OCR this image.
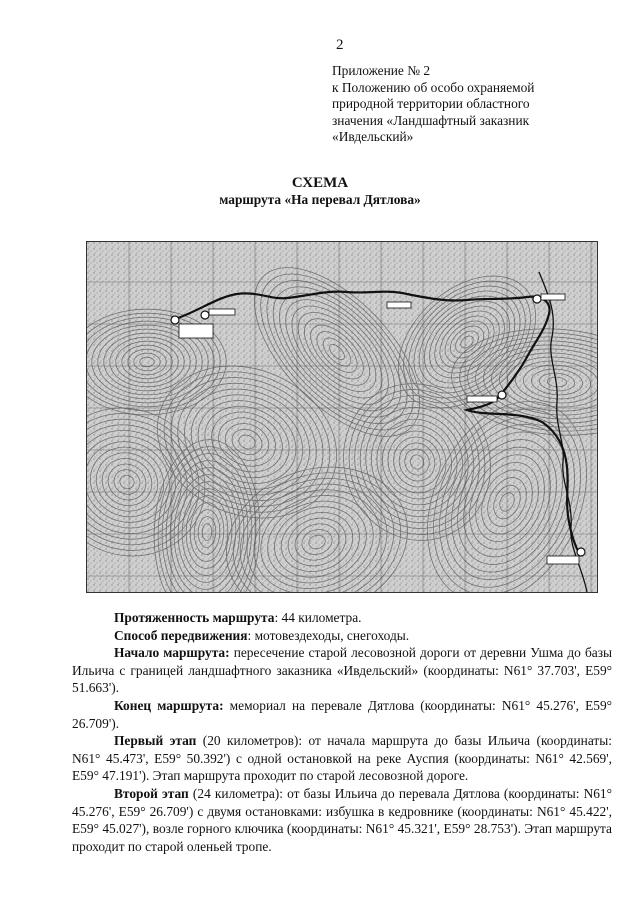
2
Приложение № 2
к Положению об особо охраняемой
природной территории областного
значения «Ландшафтный заказник
«Ивдельский»
СХЕМА
маршрута «На перевал Дятлова»

Протяженность маршрута: 44 километра.

Способ передвижения: мотовездеходы, снегоходы.

Начало маршрута: пересечение старой лесовозной дороги от деревни Ушма до базы Ильича с границей ландшафтного заказника «Ивдельский» (координаты: N61° 37.703', E59° 51.663').

Конец маршрута: мемориал на перевале Дятлова (координаты: N61° 45.276', E59° 26.709').

Первый этап (20 километров): от начала маршрута до базы Ильича (координаты: N61° 45.473', E59° 50.392') с одной остановкой на реке Ауспия (координаты: N61° 42.569', E59° 47.191'). Этап маршрута проходит по старой лесовозной дороге.

Второй этап (24 километра): от базы Ильича до перевала Дятлова (координаты: N61° 45.276', E59° 26.709') с двумя остановками: избушка в кедровнике (координаты: N61° 45.422', E59° 45.027'), возле горного ключика (координаты: N61° 45.321', E59° 28.753'). Этап маршрута проходит по старой оленьей тропе.
